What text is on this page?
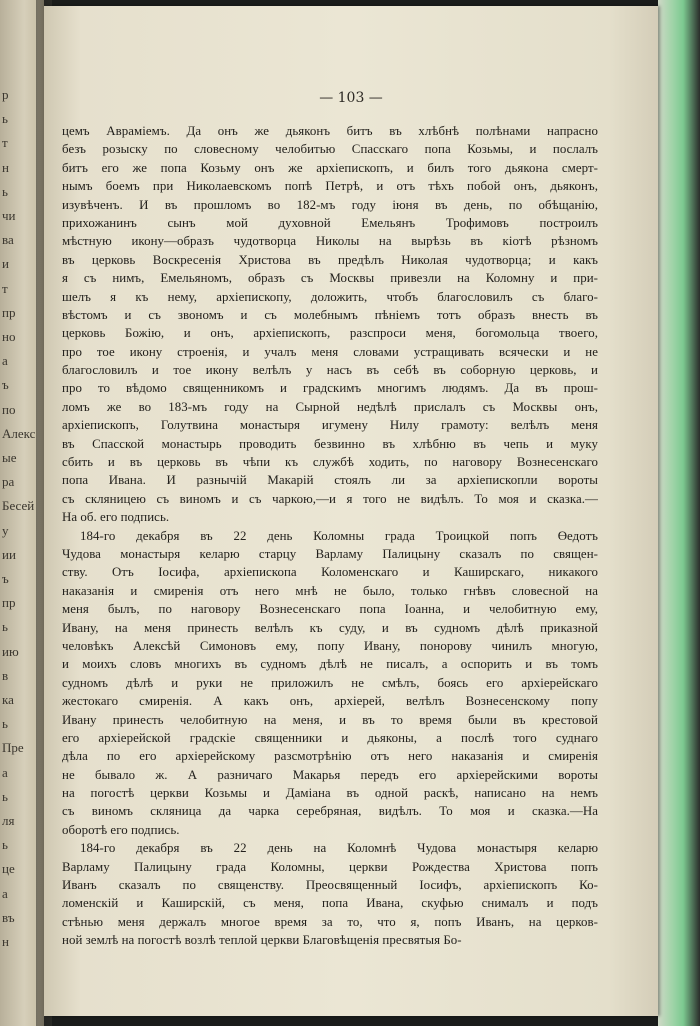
р
ь
т
н
ь
чи
ва
и
т
пр
но
а
ъ
по
Алекс
ые
ра
Бесей
у
ии
ъ
пр
ь
ию
в
ка
ь
Пре
а
ь
ля
ь
це
а
въ
н
— 103 —
цемъ Авраміемъ. Да онъ же дьяконъ битъ въ хлѣбнѣ полѣнами напрасно
безъ розыску по словесному челобитью Спасскаго попа Козьмы, и послалъ
битъ его же попа Козьму онъ же архіепископъ, и билъ того дьякона смерт-
нымъ боемъ при Николаевскомъ попѣ Петрѣ, и отъ тѣхъ побой онъ, дьяконъ,
изувѣченъ. И въ прошломъ во 182-мъ году іюня въ день, по обѣщанію,
прихожанинъ сынъ мой духовной Емельянъ Трофимовъ построилъ
мѣстную икону—образъ чудотворца Николы на вырѣзь въ кіотѣ рѣзномъ
въ церковь Воскресенія Христова въ предѣлъ Николая чудотворца; и какъ
я съ нимъ, Емельяномъ, образъ съ Москвы привезли на Коломну и при-
шелъ я къ нему, архіепископу, доложить, чтобъ благословилъ съ благо-
вѣстомъ и съ звономъ и съ молебнымъ пѣніемъ тотъ образъ внесть въ
церковь Божію, и онъ, архіепископъ, разспроси меня, богомольца твоего,
про тое икону строенія, и учалъ меня словами устращивать всячески и не
благословилъ и тое икону велѣлъ у насъ въ себѣ въ соборную церковь, и
про то вѣдомо священникомъ и градскимъ многимъ людямъ. Да въ прош-
ломъ же во 183-мъ году на Сырной недѣлѣ прислалъ съ Москвы онъ,
архіепископъ, Голутвина монастыря игумену Нилу грамоту: велѣлъ меня
въ Спасской монастырь проводить безвинно въ хлѣбню въ чепь и муку
сбить и въ церковь въ чѣпи къ службѣ ходить, по наговору Вознесенскаго
попа Ивана. И разнычій Макарій стоялъ ли за архіепископли вороты
съ скляницею съ виномъ и съ чаркою,—и я того не видѣлъ. То моя и сказка.—
На об. его подпись.
184-го декабря въ 22 день Коломны града Троицкой попъ Өедотъ
Чудова монастыря келарю старцу Варламу Палицыну сказалъ по священ-
ству. Отъ Іосифа, архіепископа Коломенскаго и Каширскаго, никакого
наказанія и смиренія отъ него мнѣ не было, только гнѣвъ словесной на
меня былъ, по наговору Вознесенскаго попа Іоанна, и челобитную ему,
Ивану, на меня принесть велѣлъ къ суду, и въ судномъ дѣлѣ приказной
человѣкъ Алексѣй Симоновъ ему, попу Ивану, понорову чинилъ многую,
и моихъ словъ многихъ въ судномъ дѣлѣ не писалъ, а оспорить и въ томъ
судномъ дѣлѣ и руки не приложилъ не смѣлъ, боясь его архіерейскаго
жестокаго смиренія. А какъ онъ, архіерей, велѣлъ Вознесенскому попу
Ивану принесть челобитную на меня, и въ то время были въ крестовой
его архіерейской градскіе священники и дьяконы, а послѣ того суднаго
дѣла по его архіерейскому разсмотрѣнію отъ него наказанія и смиренія
не бывало ж. А разничаго Макарья передъ его архіерейскими вороты
на погостѣ церкви Козьмы и Даміана въ одной раскѣ, написано на немъ
съ виномъ скляница да чарка серебряная, видѣлъ. То моя и сказка.—На
оборотѣ его подпись.
184-го декабря въ 22 день на Коломнѣ Чудова монастыря келарю
Варламу Палицыну града Коломны, церкви Рождества Христова попъ
Иванъ сказалъ по священству. Преосвященный Іосифъ, архіепископъ Ко-
ломенскій и Каширскій, съ меня, попа Ивана, скуфью снималъ и подъ
стѣнью меня держалъ многое время за то, что я, попъ Иванъ, на церков-
ной землѣ на погостѣ возлѣ теплой церкви Благовѣщенія пресвятыя Бо-
